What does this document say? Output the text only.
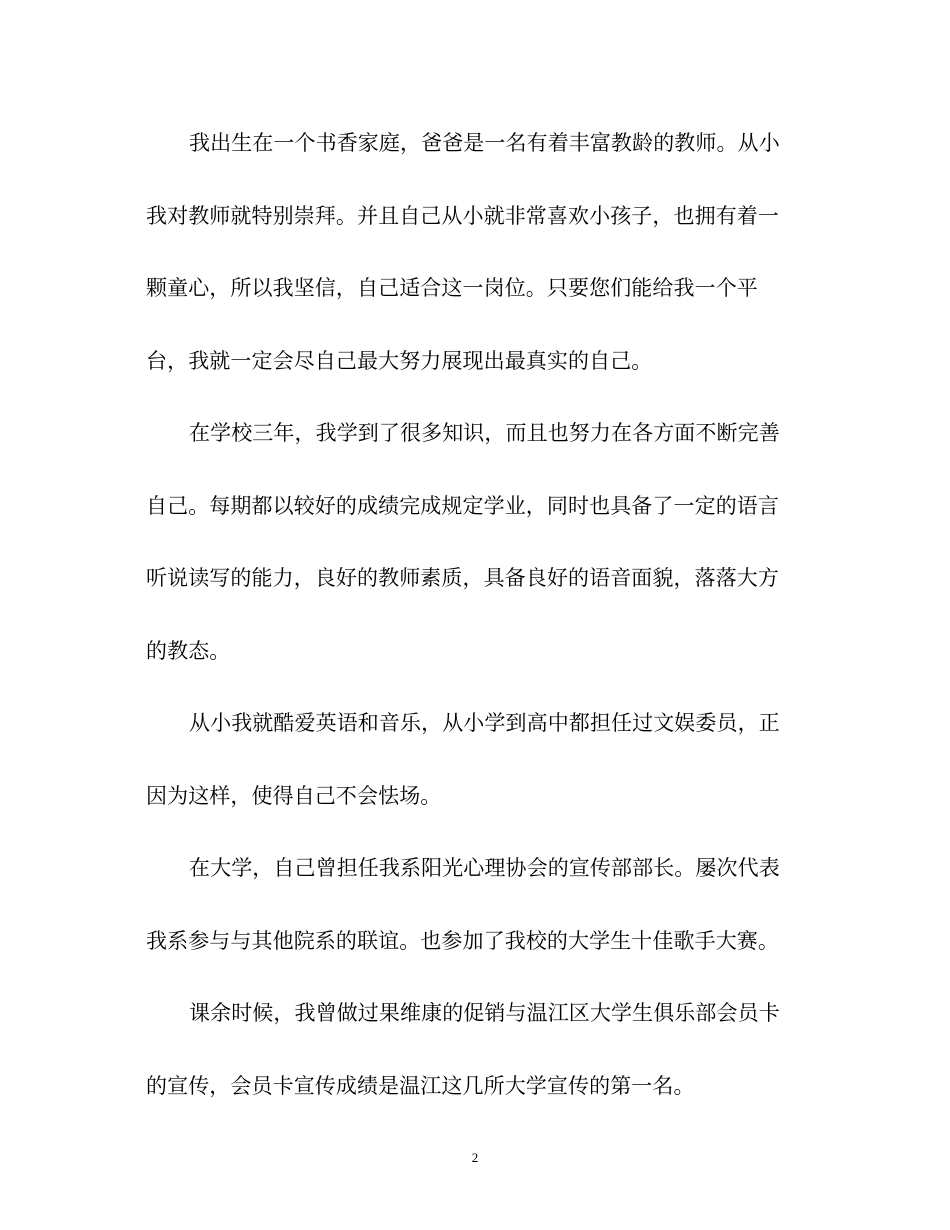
我出生在一个书香家庭，爸爸是一名有着丰富教龄的教师。从小
我对教师就特别崇拜。并且自己从小就非常喜欢小孩子，也拥有着一
颗童心，所以我坚信，自己适合这一岗位。只要您们能给我一个平
台，我就一定会尽自己最大努力展现出最真实的自己。
在学校三年，我学到了很多知识，而且也努力在各方面不断完善
自己。每期都以较好的成绩完成规定学业，同时也具备了一定的语言
听说读写的能力，良好的教师素质，具备良好的语音面貌，落落大方
的教态。
从小我就酷爱英语和音乐，从小学到高中都担任过文娱委员，正
因为这样，使得自己不会怯场。
在大学，自己曾担任我系阳光心理协会的宣传部部长。屡次代表
我系参与与其他院系的联谊。也参加了我校的大学生十佳歌手大赛。
课余时候，我曾做过果维康的促销与温江区大学生俱乐部会员卡
的宣传，会员卡宣传成绩是温江这几所大学宣传的第一名。
2
